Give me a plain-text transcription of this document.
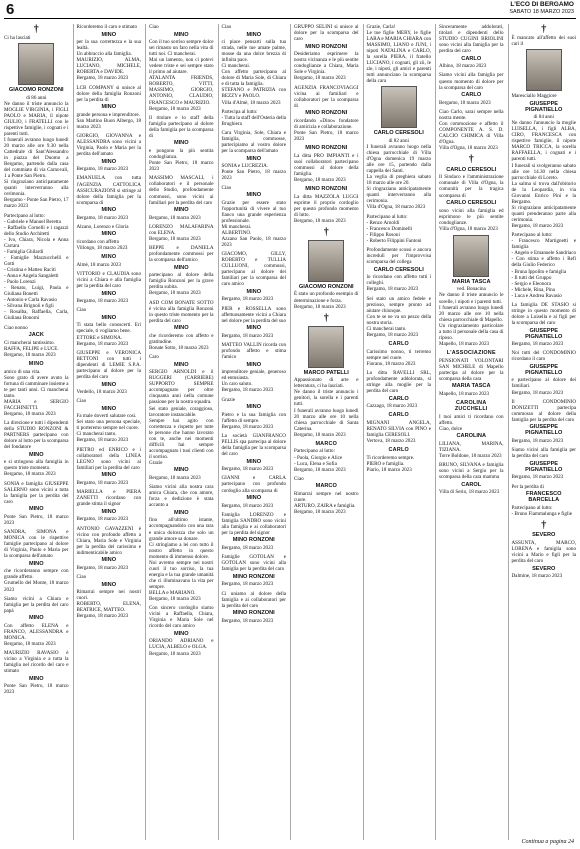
6	L'ECO DI BERGAMO
SABATO 18 MARZO 2023
†
Ci ha lasciati
GIACOMO RONZONI
di 86 anni
Ne danno il triste annuncio la MOGLIE VIRGINIA, i FIGLI PAOLO e MARIA, il nipote GIULIO, i FRATELLI con le rispettive famiglie, i cognati e i parenti tutti.
I funerali avranno luogo lunedì 20 marzo alle ore 9.30 nella Cattedrale di Sant'Alessandro in piazza del Duomo a Bergamo, partendo dalla casa del commiato di via Carnovali, 1 a Ponte San Pietro.
Si ringraziano anticipatamente quanti interverranno alla cerimonia.
Bergamo - Ponte San Pietro, 17 marzo 2023
Partecipano al lutto:
- Gabriele e Manuel Beretta
- Raffaello Cornelli e i ragazzi dello Studio Architetti
- Ivo, Chiara, Nicola e Anna Carrara
- Famiglia Ghilardi
- Famiglie Mazzucchelli e Gotti
- Cristina e Matteo Raciti
- Anna e Angela Sangaletti
- Paolo Lorenzi
- Renato, Luigi, Paola e Giuliana Bonetti
- Antonio e Carla Ravasio
- Silvana Brignoli e figli
- Rosalba, Raffaella, Carla, Giuliana Bonomi
Ciao nonno
JACK
Ci mancherai tantissimo.
RAFFA, FELIPE e LUCE.
Bergamo, 18 marzo 2023
MINO
amico di una vita.
Sono grato di avere avuto la fortuna di camminare insieme a te per tanti anni. Ci mancherai tanto.
MARIA e SERGIO FACCHINETTI.
Bergamo, 18 marzo 2023
La direzione e tutti i dipendenti della STUDIO RONZONI & PARTNERS partecipano con dolore al lutto per la scomparsa del fondatore
MINO
e si stringono alla famiglia in questo triste momento.
Bergamo, 18 marzo 2023
SONIA e famiglia GIUSEPPE SALERNO sono vicini a tutta la famiglia per la perdita del caro
MINO
Ponte San Pietro, 18 marzo 2023
SANDRA, SIMONA e MONICA con le rispettive famiglie partecipano al dolore di Virginia, Paolo e Maria per la scomparsa dell'amato
MINO
che ricorderanno sempre con grande affetto.
Grumello del Monte, 18 marzo 2023
Siamo vicini a Chiara e famiglia per la perdita del caro papà
MINO
Con affetto ELENA e FRANCO, ALESSANDRA e MONICA.
Bergamo, 18 marzo 2023
MAURIZIO RAVASIO è vicino a Virginia e a tutta la famiglia nel ricordo del caro e stimato
MINO
Ponte San Pietro, 18 marzo 2023
Ricorderemo il caro e stimato
MINO
per la sua correttezza e la sua lealtà.
Un abbraccio alla famiglia.
MAURIZIO, ALMA, LUCIANO, MICHELE, ROBERTA e DAVIDE.
Bergamo, 18 marzo 2023
LCB COMPANY si unisce al dolore della famiglia Ronzoni per la perdita di
MINO
grande persona e imprenditore.
San Martino Buon Albergo, 18 marzo 2023
GIORGIO, GIOVANNA e ALESSANDRA sono vicini a Virginia, Paolo e Maria per la perdita dell'amato
MINO
Bergamo, 18 marzo 2023
EMANUELA con tutta l'AGENZIA CATTOLICA ASSICURAZIONI si stringe al dolore della famiglia per la scomparsa di
MINO
Bergamo, 18 marzo 2023
Alzano, Lorenzo e Gloria
MINO
ricordano con affetto
Villongo, 18 marzo 2023
MINO
Almè, 18 marzo 2023
VITTORIO e CLAUDIA sono vicini a Chiara e alla famiglia per la perdita del caro
MINO
Bergamo, 18 marzo 2023
Ciao
MINO
Ti stata bello conoscerti. Eri speciale, ti vogliamo bene.
ETTORE e SIMONA.
Bergamo, 18 marzo 2023
GIUSEPPE e VERONICA BETTONI con tutti i dipendenti di LEMIE S.P.A. partecipano al dolore per la perdita del caro
MINO
Verdello, 18 marzo 2023
Ciao
MINO
Fa male doverti salutare così.
Sei stato una persona speciale, ti porteremo sempre nel cuore.
Ci mancherai tanto.
Bergamo, 18 marzo 2023
PIETRO ed ENRICO e i collaboratori della LINEA LEGNO sono vicini ai familiari per la perdita del caro
MINO
Bergamo, 18 marzo 2023
MARIELLA e PIERA ZANETTI ricordano con grande stima il signor
MINO
Bergamo, 18 marzo 2023
ANTONIO GAVAZZENI è vicino con profondo affetto a Chiara, Maria Sole e Virginia per la perdita del carissimo e indimenticabile amico
MINO
Bergamo, 18 marzo 2023
Ciao
MINO
Rimarrai sempre nei nostri cuori.
ROBERTO, ELENA, BEATRICE, MATTEO.
Bergamo, 18 marzo 2023
Ciao
MINO
Con il tuo sorriso sempre dolce sei rimasto un faro nella vita di tutti noi. Ci mancherai.
Mai un lamento, non ci potevi vedere triste e sei sempre stato il primo ad aiutare.
ATALANTA FRIENDS, ROBERTO, VITTI, MASSIMO, GIORGIO, ANTONIO, CLAUDIO, FRANCESCO e MAURIZIO.
Bergamo, 18 marzo 2023
Il titolare e lo staff della famiglia partecipano al dolore della famiglia per la scomparsa di
MINO
e pongono la più sentita condoglianza.
Ponte San Pietro, 18 marzo 2023
MASSIMO MASCALI, i collaboratori e il personale dello Studio, profondamente commossi, sono vicini ai familiari per la perdita del caro
MINO
Bergamo, 18 marzo 2023
LORENZO MALAFARINA con ELENA.
Bergamo, 18 marzo 2023
BEPPE e DANIELA profondamente commossi per la scomparsa dell'amico
MINO
partecipano al dolore della famiglia Ronzoni per la grave perdita subita.
Bergamo, 18 marzo 2023
ASD COM BONATE SOTTO è vicina alla famiglia Ronzoni in questo triste momento per la perdita del caro
MINO
che ricorderemo con affetto e gratitudine.
Bonate Sotto, 18 marzo 2023
Caro
MINO
SERGIO ARNOLDI e il RUGGERI (CARRIERE) SUPPORTO SEMPRE accompagnato per oltre cinquanta anni nella comune passione per la nostra squadra.
Sei stato geniale, coraggioso, lavoratore instancabile.
Sempre hai agito con correttezza e rispetto per tutte le persone che hanno lavorato con te, anche nei momenti difficili hai sempre accompagnato i tuoi clienti con il sorriso.
Grazie
MINO
Bergamo, 18 marzo 2023
Siamo vicini alla nostra cara amica Chiara, che con amore, forza e dedizione è stata accanto a
MINO
fino all'ultimo istante, accompagnandolo con una rara e unica dolcezza che solo un grande amore sa donare.
Ci stringiamo a lei con tutto il nostro affetto in questo momento di immenso dolore.
Noi avremo sempre nei nostri cuori il tuo sorriso, la tua energia e la tua grande umanità che ci illuminavano la vita per sempre.
BELLA e MARIANO.
Bergamo, 18 marzo 2023
Con sincero cordoglio siamo vicini a Raffaella, Chiara, Virginia e Maria Sole nel ricordo del caro amico
MINO
ORIANDO ADRIANO e LUCIA, ALBELO e OLGA.
Bergamo, 18 marzo 2023
Ciao
MINO
ci piace pensarti sulla tua strada, nelle tue amate palme, mosse da una dolce brezza di infinita pace.
Ci mancherai.
Con affetto partecipano al dolore di Maria Sole, di Chiara e di tutta la famiglia.
STEFANO e PATRIZIA con BEZZY e PAOLO.
Villa d'Almè, 18 marzo 2023
Partecipa al lutto:
- Tutta la staff dell'Osteria della Brughiera
Cara Virginia, Sole, Chiara e famiglia, commosse, partecipiamo al vostro dolore per la scomparsa dell'amato
MINO
SONIA e LUCREZIA.
Ponte San Pietro, 18 marzo 2023
Ciao
MINO
Grazie per essere stato l'opportunità di vivere al tuo fianco una grande esperienza professionale.
Mi mancherai.
ALBERTINO.
Azzano San Paolo, 18 marzo 2023
GIACOMO, GILLY, ROBERTO e TULLIA CULLUONI, commossi, partecipano al dolore dei familiari per la scomparsa del caro amico
MINO
Bergamo, 18 marzo 2023
PIER e ROSSELLA sono affettuosamente vicini a Chiara nel dolore per la perdita del suo
MINO
Bergamo, 18 marzo 2023
MATTEO VALLIN ricorda con profondo affetto e stima l'amico
MINO
imprenditore geniale, generoso ed entusiasta.
Un caro saluto.
Bergamo, 18 marzo 2023
Grazie
MINO
Pietro e la sua famiglia con l'affetto di sempre.
Bergamo, 18 marzo 2023
La società GIANFRANCO PELLIS spa partecipa al dolore della famiglia per la scomparsa del caro
MINO
Bergamo, 18 marzo 2023
GIANNI e CARLA partecipano con profondo cordoglio alla scomparsa di
MINO
Bergamo, 18 marzo 2023
Famiglia LORENZO e famiglia SANDRO sono vicini alla famiglia e ai collaboratori per la perdita del signor
MINO RONZONI
Bergamo, 18 marzo 2023
Famiglie GOTOLAN e GOTOLAN sono vicini alla famiglia per la perdita del caro
MINO RONZONI
Bergamo, 18 marzo 2023
Ci uniamo al dolore della famiglia e ai collaboratori per la perdita del caro
MINO RONZONI
Bergamo, 18 marzo 2023
GRUPPO SELINI si unisce al dolore per la scomparsa del caro
MINO RONZONI
Desideriamo esprimere la nostra vicinanza e le più sentite condoglianze a Chiara, Maria Sole e Virginia.
Bergamo, 18 marzo 2023
AGENZIA FRANCOVIAGGI vicina ai familiari e collaboratori per la scomparsa di
MINO RONZONI
ricordando «Dino» fondatore di amicizia e collaborazione.
Ponte San Pietro, 18 marzo 2023
MINO RONZONI
La ditta PRO IMPIANTI e i suoi collaboratori partecipano commossi al dolore della famiglia.
Bergamo, 18 marzo 2023
MINO RONZONI
La ditta MAZZOLA LUGGI esprime il proprio cordoglio per questo profondo momento di lutto.
Bergamo, 18 marzo 2023
†
GIACOMO RONZONI
È stato un profondo esempio di determinazione e forza.
Bergamo, 18 marzo 2023
†
MARCO PATELLI
Appassionato di arte e letteratura, ci ha lasciati.
Ne danno il triste annuncio i genitori, la sorella e i parenti tutti.
I funerali avranno luogo lunedì 20 marzo alle ore 10 nella chiesa parrocchiale di Santa Caterina.
Bergamo, 18 marzo 2023
MARCO
Partecipano al lutto:
- Paola, Giorgio e Alice
- Luca, Elena e Sofia
Bergamo, 18 marzo 2023
Ciao
MARCO
Rimarrai sempre nel nostro cuore.
ARTURO, ZAIRA e famiglia.
Bergamo, 18 marzo 2023
Grazie, Carla!
Le tue figlie MERY, le figlie LARA e MARIA CHIARA con MASSIMO, LIANO e JUNI, i nipoti NATALINA e CARLO, la sorella PIERA, il fratello LUCIANO, i cognati, gli zii, le zie, i nipoti, gli amici e parenti tutti annunciano la scomparsa della cara
CARLO CERESOLI
di 82 anni
I funerali avranno luogo nella chiesa parrocchiale di Villa d'Ogna domenica 19 marzo alle ore 15, partendo dalla cappella dei Santi.
La veglia di preghiera sabato 18 marzo alle ore 20.
Si ringraziano anticipatamente quanti interverranno alla cerimonia.
Villa d'Ogna, 18 marzo 2023
Partecipano al lutto:
- Renzo Arnoldi
- Francesco Dominelli
- Filippo Rosoni
- Roberto Filippini Fantoni
Profondamente scossi e ancora increduli per l'improvvisa scomparsa del collega
CARLO CERESOLI
lo ricordano con affetto tutti i colleghi.
Bergamo, 18 marzo 2023
Sei stato un amico fedele e prezioso, sempre pronto ad aiutare chiunque.
Con te se ne va un pezzo della nostra storia.
Ci mancherai tanto.
Bergamo, 18 marzo 2023
CARLO
Carissimo nonno, ti terremo sempre nel cuore.
Fiorano, 18 marzo 2023
La ditta RAVELLI SRL, profondamente addolorata, si stringe alla moglie per la perdita del caro
CARLO
Cazzago, 18 marzo 2023
CARLO
MIGNANI ANGELA, RENATO SILVIA con PINO e famiglia CERESOLI.
Vertova, 18 marzo 2023
CARLO
Ti ricorderemo sempre.
PIERO e famiglia.
Piario, 18 marzo 2023
Sinceramente addolorati, titolari e dipendenti dello STUDIO CUGINI BRIOLINI sono vicini alla famiglia per la perdita del caro
CARLO
Albino, 18 marzo 2023
Siamo vicini alla famiglia per questo momento di dolore per la scomparsa del caro
CARLO
Bergamo, 18 marzo 2023
Ciao Carlo, sarai sempre nella nostra mente.
Con commozione e affetto il COMPONENTE A. S. D. CALCIO CHIMICA di Villa d'Ogna.
Villa d'Ogna, 18 marzo 2023
†
CARLO CERESOLI
Il Sindaco e l'amministrazione comunale di Villa d'Ogna, la comunità per la tragica scomparsa di
CARLO CERESOLI
sono vicini alla famiglia ed esprimono le più sentite condoglianze.
Villa d'Ogna, 18 marzo 2023
MARIA TASCA
ved. Bonacina
Ne danno il triste annuncio le sorelle, i nipoti e i parenti tutti.
I funerali avranno luogo lunedì 20 marzo alle ore 10 nella chiesa parrocchiale di Mapello.
Un ringraziamento particolare a tutto il personale della casa di riposo.
Mapello, 18 marzo 2023
L'ASSOCIAZIONE
PENSIONATI VOLONTARI SAN MICHELE di Mapello partecipa al dolore per la scomparsa della cara
MARIA TASCA
Mapello, 18 marzo 2023
CAROLINA ZUCCHELLI
I tuoi amici ti ricordano con affetto.
Ciao, dolce
CAROLINA
LILIANA, MARINA, TIZIANA.
Torre Boldone, 18 marzo 2023
BRUNO, SILVANA e famiglia sono vicini a Sergio per la scomparsa della cara mamma
CAROL
Villa di Serio, 18 marzo 2023
†
È mancato all'affetto dei suoi cari il
Maresciallo Maggiore
GIUSEPPE PIGNATIELLO
di 84 anni
Ne danno l'annuncio la moglie LUISELLA, i figli ALBA, CIRO, FRANCESCA con rispettive famiglie, il nipote MARCO TRICCA, la sorella RAFFAELLA, i cognati e i parenti tutti.
I funerali si svolgeranno sabato alle ore 14.30 nella chiesa parrocchiale di Loreto.
La salma si trova dall'obitorio de la Leopardia, in via Giovanni Enrico Pini e la Bergamo.
Si ringraziano anticipatamente quanti prenderanno parte alla cerimonia.
Bergamo, 18 marzo 2023
Partecipano al lutto:
- Francesco Martignetti e famiglia
- Angelo e Emanuele Sandriaco
- Con stima e affetto i Refi della Giulio Federico
- Bruna Ippolito e famiglia
- Il tutti del Gruppo
- Sergio e Eleonora
- Michele, Rina, Pina
- Luca e Andrea Ravasio
La famiglia DE STASIO si stringe in questo momento di dolore a Luisella e ai figli per la scomparsa del caro
GIUSEPPE PIGNATIELLO
Bergamo, 18 marzo 2023
Noi tutti del CONDOMINIO ricordano il caro
GIUSEPPE PIGNATIELLO
e partecipano al dolore dei familiari.
Bergamo, 18 marzo 2023
Il CONDOMINIO DONIZETTI partecipa commosso al dolore della famiglia per la perdita del caro
GIUSEPPE PIGNATIELLO
Bergamo, 18 marzo 2023
Siamo vicini alla famiglia per la perdita del caro
GIUSEPPE PIGNATIELLO
Bergamo, 18 marzo 2023
Per la perdita di
FRANCESCO BARCELLA
Partecipano al lutto:
- Bruno Fiammalunga e figlie
†
SEVERO
ASSUNTA, MARCO, LORENA e famiglia sono vicini a Mario e figli per la perdita del caro
SEVERO
Dalmine, 18 marzo 2023
Continua a pagina 24
